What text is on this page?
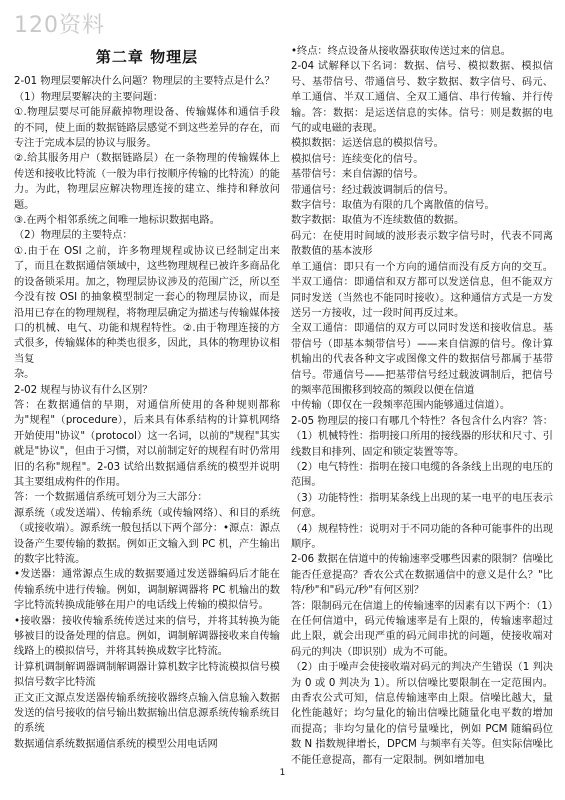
120资料
第二章 物理层

2-01 物理层要解决什么问题？物理层的主要特点是什么？

（1）物理层要解决的主要问题：

①.物理层要尽可能屏蔽掉物理设备、传输媒体和通信手段的不同，使上面的数据链路层感觉不到这些差异的存在，而专注于完成本层的协议与服务。

②.给其服务用户（数据链路层）在一条物理的传输媒体上传送和接收比特流（一般为串行按顺序传输的比特流）的能力。为此，物理层应解决物理连接的建立、维持和释放问题。

③.在两个相邻系统之间唯一地标识数据电路。

（2）物理层的主要特点：

①.由于在 OSI 之前，许多物理规程或协议已经制定出来了，而且在数据通信领域中，这些物理规程已被许多商品化的设备锁采用。加之，物理层协议涉及的范围广泛，所以至今没有按 OSI 的抽象模型制定一套心的物理层协议，而是沿用已存在的物理规程，将物理层确定为描述与传输媒体接口的机械、电气、功能和规程特性。②.由于物理连接的方式很多，传输媒体的种类也很多，因此，具体的物理协议相当复

杂。

2-02 规程与协议有什么区别？

答：在数据通信的早期，对通信所使用的各种规则都称为"规程"（procedure），后来具有体系结构的计算机网络开始使用"协议"（protocol）这一名词，以前的"规程"其实就是"协议"，但由于习惯，对以前制定好的规程有时仍常用旧的名称"规程"。2-03 试给出数据通信系统的模型并说明其主要组成构件的作用。

答：一个数据通信系统可划分为三大部分：

源系统（或发送端）、传输系统（或传输网络）、和目的系统（或接收端）。源系统一般包括以下两个部分：•源点：源点设备产生要传输的数据。例如正文输入到 PC 机，产生输出的数字比特流。

•发送器：通常源点生成的数据要通过发送器编码后才能在传输系统中进行传输。例如，调制解调器将 PC 机输出的数字比特流转换成能够在用户的电话线上传输的模拟信号。

•接收器：接收传输系统传送过来的信号，并将其转换为能够被目的设备处理的信息。例如，调制解调器接收来自传输线路上的模拟信号，并将其转换成数字比特流。

计算机调制解调器调制解调器计算机数字比特流模拟信号模拟信号数字比特流

正文正文源点发送器传输系统接收器终点输入信息输入数据发送的信号接收的信号输出数据输出信息源系统传输系统目的系统

数据通信系统数据通信系统的模型公用电话网

•终点：终点设备从接收器获取传送过来的信息。

2-04 试解释以下名词：数据、信号、模拟数据、模拟信号、基带信号、带通信号、数字数据、数字信号、码元、单工通信、半双工通信、全双工通信、串行传输、并行传输。答：数据：是运送信息的实体。信号：则是数据的电气的或电磁的表现。

模拟数据：运送信息的模拟信号。

模拟信号：连续变化的信号。

基带信号：来自信源的信号。

带通信号：经过载波调制后的信号。

数字信号：取值为有限的几个离散值的信号。

数字数据：取值为不连续数值的数据。

码元：在使用时间域的波形表示数字信号时，代表不同离散数值的基本波形

单工通信：即只有一个方向的通信而没有反方向的交互。半双工通信：即通信和双方都可以发送信息，但不能双方同时发送（当然也不能同时接收）。这种通信方式是一方发送另一方接收，过一段时间再反过来。

全双工通信：即通信的双方可以同时发送和接收信息。基带信号（即基本频带信号）——来自信源的信号。像计算机输出的代表各种文字或图像文件的数据信号都属于基带信号。带通信号——把基带信号经过载波调制后，把信号的频率范围搬移到较高的频段以便在信道

中传输（即仅在一段频率范围内能够通过信道）。

2-05 物理层的接口有哪几个特性？各包含什么内容？答：（1）机械特性：指明接口所用的接线器的形状和尺寸、引线数目和排列、固定和锁定装置等等。

（2）电气特性：指明在接口电缆的各条线上出现的电压的范围。

（3）功能特性：指明某条线上出现的某一电平的电压表示何意。

（4）规程特性：说明对于不同功能的各种可能事件的出现顺序。

2-06 数据在信道中的传输速率受哪些因素的限制？信噪比能否任意提高？香农公式在数据通信中的意义是什么？"比特/秒"和"码元/秒"有何区别？

答：限制码元在信道上的传输速率的因素有以下两个：（1）在任何信道中，码元传输速率是有上限的，传输速率超过此上限，就会出现严重的码元间串扰的问题，使接收端对码元的判决（即识别）成为不可能。

（2）由于噪声会使接收端对码元的判决产生错误（1 判决为 0 或 0 判决为 1）。所以信噪比要限制在一定范围内。由香农公式可知，信息传输速率由上限。信噪比越大，量化性能越好；均匀量化的输出信噪比随量化电平数的增加而提高；非均匀量化的信号量噪比，例如 PCM 随编码位数 N 指数规律增长，DPCM 与频率有关等。但实际信噪比不能任意提高，都有一定限制。例如增加电

1
